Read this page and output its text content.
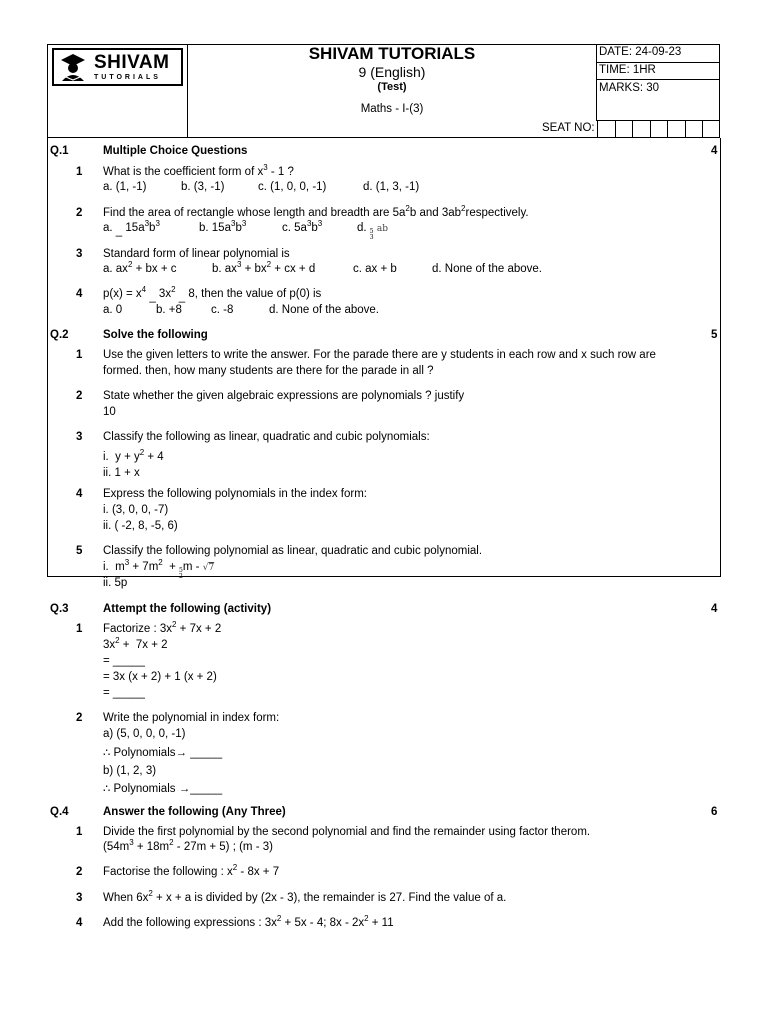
SHIVAM
TUTORIALS
SHIVAM TUTORIALS
9 (English)
(Test)
Maths - I-(3)
DATE: 24-09-23
TIME: 1HR
MARKS: 30
SEAT NO:
Q.1	Multiple Choice Questions	4
1 What is the coefficient form of $x^3 - 1$ ?
a. (1, -1)	b. (3, -1)	c. (1, 0, 0, -1)	d. (1, 3, -1)
2 Find the area of rectangle whose length and breadth are $5a^2b$ and $3ab^2respectively$.
a. _ $15a^3b^3$	b. $15a^3b^3$	c. $5a^3b^3$	d. 5
3
ab
3 Standard form of linear polynomial is
a. $ax^2$ + bx + c	b. $ax^3 + bx^2$ + cx + d	c. ax + b	d. None of the above.
4 $p(x) = x^4$ _ $3x^2$ _ 8, then the value of p(0) is
a. 0	b. +8	c. -8	d. None of the above.
Q.2	Solve the following	5
1 Use the given letters to write the answer. For the parade there are y students in each row and x such row are
formed. then, how many students are there for the parade in all ?
2 State whether the given algebraic expressions are polynomials ? justify
10
3 Classify the following as linear, quadratic and cubic polynomials:
i.  $y + y^2 + 4$
ii. 1 + x
4 Express the following polynomials in the index form:
i. (3, 0, 0, -7)
ii. ( -2, 8, -5, 6)
5 Classify the following polynomial as linear, quadratic and cubic polynomial.
i.  $m^3 + 7m^2 + 5$
2
m - √7
ii. 5p
Q.3	Attempt the following (activity)	4
1 Factorize : $3x^2 + 7x + 2$
$3x^2 + 7x + 2$
= _____
= 3x (x + 2) + 1 (x + 2)
= _____
2 Write the polynomial in index form:
a) (5, 0, 0, 0, -1)
∴ Polynomials→ _____
b) (1, 2, 3)
∴ Polynomials →_____
Q.4	Answer the following (Any Three)	6
1 Divide the first polynomial by the second polynomial and find the remainder using factor therom.
$(54m^3 + 18m^2 - 27m + 5)$ ; (m - 3)
2 Factorise the following : $x^2 - 8x + 7$
3 When $6x^2 + x + a$ is divided by (2x - 3), the remainder is 27. Find the value of a.
4 Add the following expressions : $3x^2 + 5x - 4$; $8x - 2x^2 + 11$
